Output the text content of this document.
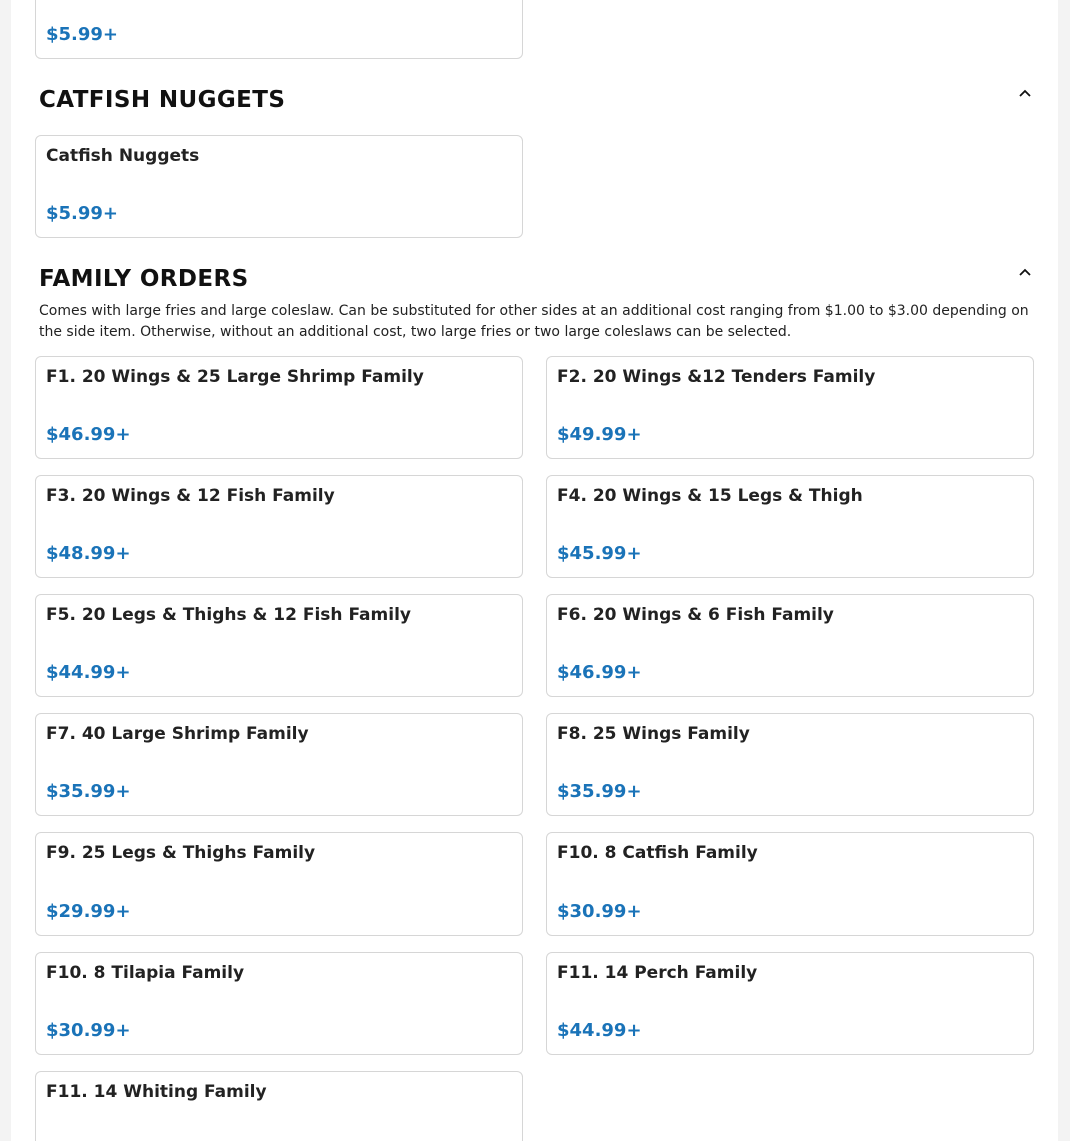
$5.99+
CATFISH NUGGETS
Catfish Nuggets
$5.99+
FAMILY ORDERS
Comes with large fries and large coleslaw. Can be substituted for other sides at an additional cost ranging from $1.00 to $3.00 depending on the side item. Otherwise, without an additional cost, two large fries or two large coleslaws can be selected.
F1. 20 Wings & 25 Large Shrimp Family
$46.99+
F2. 20 Wings &12 Tenders Family
$49.99+
F3. 20 Wings & 12 Fish Family
$48.99+
F4. 20 Wings & 15 Legs & Thigh
$45.99+
F5. 20 Legs & Thighs & 12 Fish Family
$44.99+
F6. 20 Wings & 6 Fish Family
$46.99+
F7. 40 Large Shrimp Family
$35.99+
F8. 25 Wings Family
$35.99+
F9. 25 Legs & Thighs Family
$29.99+
F10. 8 Catfish Family
$30.99+
F10. 8 Tilapia Family
$30.99+
F11. 14 Perch Family
$44.99+
F11. 14 Whiting Family
